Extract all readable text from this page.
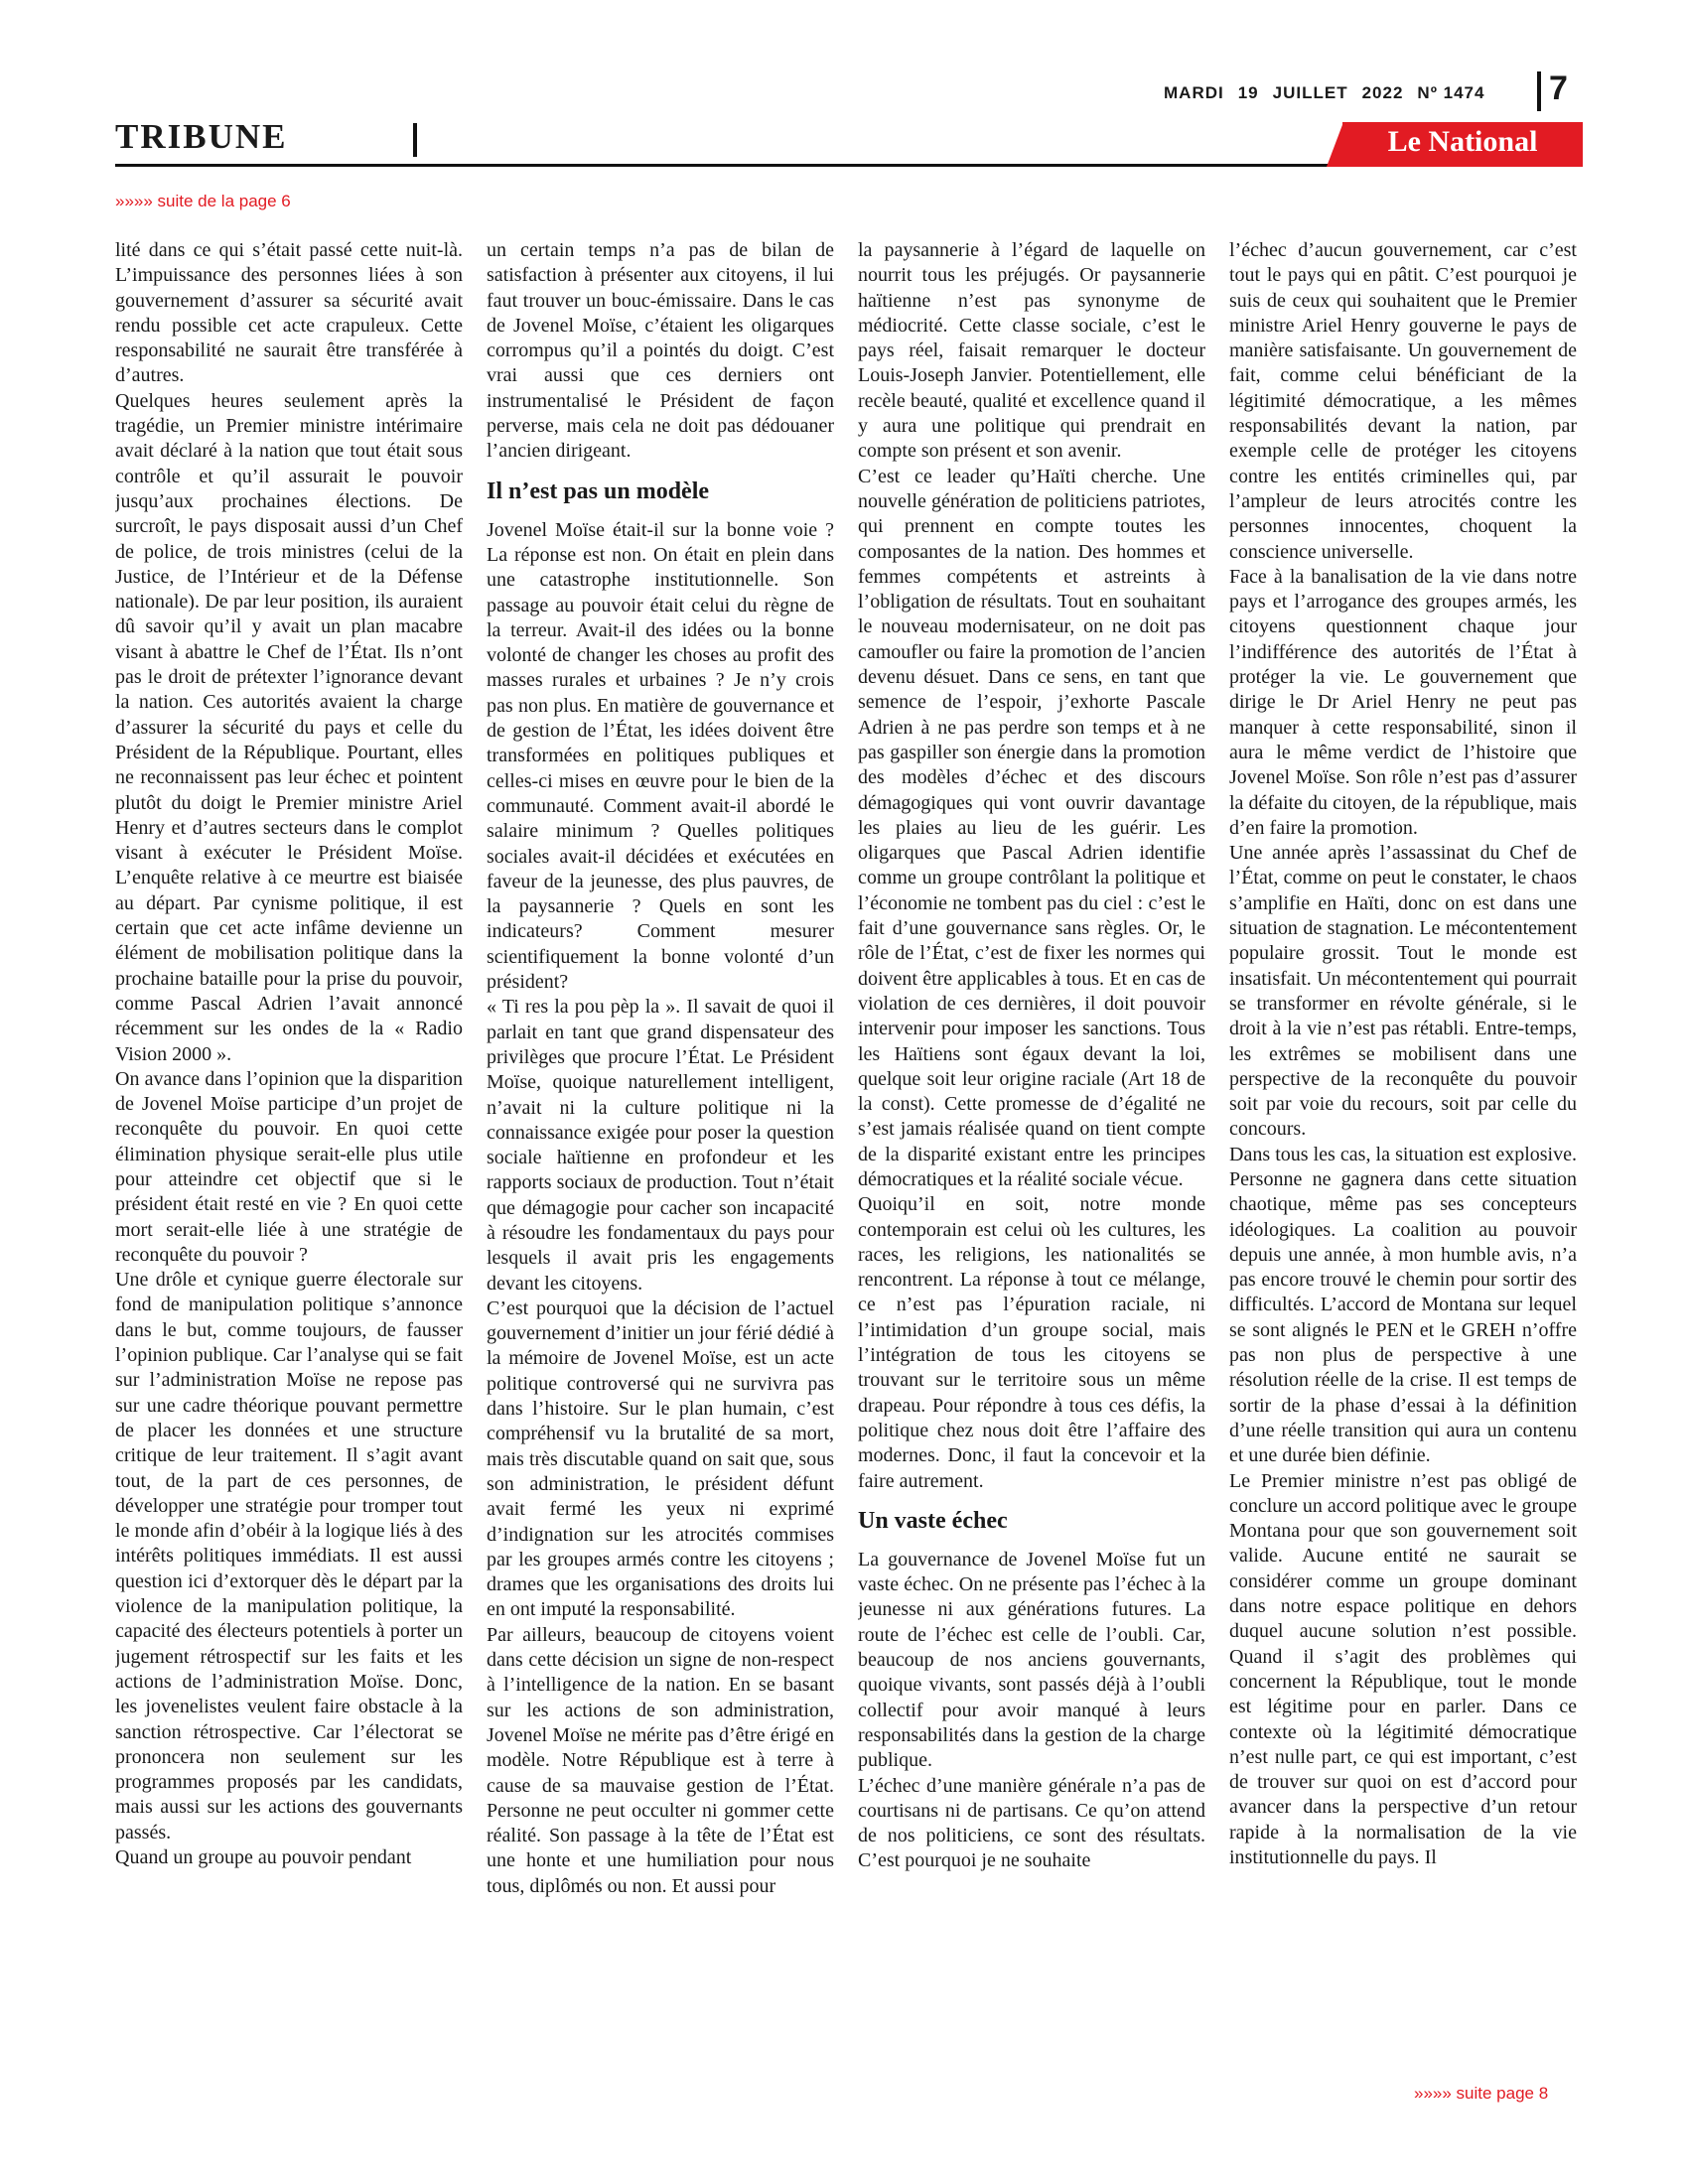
MARDI 19 JUILLET 2022 Nº 1474	7
TRIBUNE	Le National
»»»» suite de la page 6

lité dans ce qui s’était passé cette nuit-là. L’impuissance des personnes liées à son gouvernement d’assurer sa sécurité avait rendu possible cet acte crapuleux. Cette responsabilité ne saurait être transférée à d’autres.

Quelques heures seulement après la tragédie, un Premier ministre intérimaire avait déclaré à la nation que tout était sous contrôle et qu’il assurait le pouvoir jusqu’aux prochaines élections. De surcroît, le pays disposait aussi d’un Chef de police, de trois ministres (celui de la Justice, de l’Intérieur et de la Défense nationale). De par leur position, ils auraient dû savoir qu’il y avait un plan macabre visant à abattre le Chef de l’État. Ils n’ont pas le droit de prétexter l’ignorance devant la nation. Ces autorités avaient la charge d’assurer la sécurité du pays et celle du Président de la République. Pourtant, elles ne reconnaissent pas leur échec et pointent plutôt du doigt le Premier ministre Ariel Henry et d’autres secteurs dans le complot visant à exécuter le Président Moïse. L’enquête relative à ce meurtre est biaisée au départ. Par cynisme politique, il est certain que cet acte infâme devienne un élément de mobilisation politique dans la prochaine bataille pour la prise du pouvoir, comme Pascal Adrien l’avait annoncé récemment sur les ondes de la « Radio Vision 2000 ».

On avance dans l’opinion que la disparition de Jovenel Moïse participe d’un projet de reconquête du pouvoir. En quoi cette élimination physique serait-elle plus utile pour atteindre cet objectif que si le président était resté en vie ? En quoi cette mort serait-elle liée à une stratégie de reconquête du pouvoir ?

Une drôle et cynique guerre électorale sur fond de manipulation politique s’annonce dans le but, comme toujours, de fausser l’opinion publique. Car l’analyse qui se fait sur l’administration Moïse ne repose pas sur une cadre théorique pouvant permettre de placer les données et une structure critique de leur traitement. Il s’agit avant tout, de la part de ces personnes, de développer une stratégie pour tromper tout le monde afin d’obéir à la logique liés à des intérêts politiques immédiats. Il est aussi question ici d’extorquer dès le départ par la violence de la manipulation politique, la capacité des électeurs potentiels à porter un jugement rétrospectif sur les faits et les actions de l’administration Moïse. Donc, les jovenelistes veulent faire obstacle à la sanction rétrospective. Car l’électorat se prononcera non seulement sur les programmes proposés par les candidats, mais aussi sur les actions des gouvernants passés.

Quand un groupe au pouvoir pendant

un certain temps n’a pas de bilan de satisfaction à présenter aux citoyens, il lui faut trouver un bouc-émissaire. Dans le cas de Jovenel Moïse, c’étaient les oligarques corrompus qu’il a pointés du doigt. C’est vrai aussi que ces derniers ont instrumentalisé le Président de façon perverse, mais cela ne doit pas dédouaner l’ancien dirigeant.

Il n’est pas un modèle

Jovenel Moïse était-il sur la bonne voie ? La réponse est non. On était en plein dans une catastrophe institutionnelle. Son passage au pouvoir était celui du règne de la terreur. Avait-il des idées ou la bonne volonté de changer les choses au profit des masses rurales et urbaines ? Je n’y crois pas non plus. En matière de gouvernance et de gestion de l’État, les idées doivent être transformées en politiques publiques et celles-ci mises en œuvre pour le bien de la communauté. Comment avait-il abordé le salaire minimum ? Quelles politiques sociales avait-il décidées et exécutées en faveur de la jeunesse, des plus pauvres, de la paysannerie ? Quels en sont les indicateurs? Comment mesurer scientifiquement la bonne volonté d’un président?

« Ti res la pou pèp la ». Il savait de quoi il parlait en tant que grand dispensateur des privilèges que procure l’État. Le Président Moïse, quoique naturellement intelligent, n’avait ni la culture politique ni la connaissance exigée pour poser la question sociale haïtienne en profondeur et les rapports sociaux de production. Tout n’était que démagogie pour cacher son incapacité à résoudre les fondamentaux du pays pour lesquels il avait pris les engagements devant les citoyens.

C’est pourquoi que la décision de l’actuel gouvernement d’initier un jour férié dédié à la mémoire de Jovenel Moïse, est un acte politique controversé qui ne survivra pas dans l’histoire. Sur le plan humain, c’est compréhensif vu la brutalité de sa mort, mais très discutable quand on sait que, sous son administration, le président défunt avait fermé les yeux ni exprimé d’indignation sur les atrocités commises par les groupes armés contre les citoyens ; drames que les organisations des droits lui en ont imputé la responsabilité.

Par ailleurs, beaucoup de citoyens voient dans cette décision un signe de non-respect à l’intelligence de la nation. En se basant sur les actions de son administration, Jovenel Moïse ne mérite pas d’être érigé en modèle. Notre République est à terre à cause de sa mauvaise gestion de l’État. Personne ne peut occulter ni gommer cette réalité. Son passage à la tête de l’État est une honte et une humiliation pour nous tous, diplômés ou non. Et aussi pour

la paysannerie à l’égard de laquelle on nourrit tous les préjugés. Or paysannerie haïtienne n’est pas synonyme de médiocrité. Cette classe sociale, c’est le pays réel, faisait remarquer le docteur Louis-Joseph Janvier. Potentiellement, elle recèle beauté, qualité et excellence quand il y aura une politique qui prendrait en compte son présent et son avenir.

C’est ce leader qu’Haïti cherche. Une nouvelle génération de politiciens patriotes, qui prennent en compte toutes les composantes de la nation. Des hommes et femmes compétents et astreints à l’obligation de résultats. Tout en souhaitant le nouveau modernisateur, on ne doit pas camoufler ou faire la promotion de l’ancien devenu désuet. Dans ce sens, en tant que semence de l’espoir, j’exhorte Pascale Adrien à ne pas perdre son temps et à ne pas gaspiller son énergie dans la promotion des modèles d’échec et des discours démagogiques qui vont ouvrir davantage les plaies au lieu de les guérir. Les oligarques que Pascal Adrien identifie comme un groupe contrôlant la politique et l’économie ne tombent pas du ciel : c’est le fait d’une gouvernance sans règles. Or, le rôle de l’État, c’est de fixer les normes qui doivent être applicables à tous. Et en cas de violation de ces dernières, il doit pouvoir intervenir pour imposer les sanctions. Tous les Haïtiens sont égaux devant la loi, quelque soit leur origine raciale (Art 18 de la const). Cette promesse de d’égalité ne s’est jamais réalisée quand on tient compte de la disparité existant entre les principes démocratiques et la réalité sociale vécue.

Quoiqu’il en soit, notre monde contemporain est celui où les cultures, les races, les religions, les nationalités se rencontrent. La réponse à tout ce mélange, ce n’est pas l’épuration raciale, ni l’intimidation d’un groupe social, mais l’intégration de tous les citoyens se trouvant sur le territoire sous un même drapeau. Pour répondre à tous ces défis, la politique chez nous doit être l’affaire des modernes. Donc, il faut la concevoir et la faire autrement.

Un vaste échec

La gouvernance de Jovenel Moïse fut un vaste échec. On ne présente pas l’échec à la jeunesse ni aux générations futures. La route de l’échec est celle de l’oubli. Car, beaucoup de nos anciens gouvernants, quoique vivants, sont passés déjà à l’oubli collectif pour avoir manqué à leurs responsabilités dans la gestion de la charge publique.

L’échec d’une manière générale n’a pas de courtisans ni de partisans. Ce qu’on attend de nos politiciens, ce sont des résultats. C’est pourquoi je ne souhaite

l’échec d’aucun gouvernement, car c’est tout le pays qui en pâtit. C’est pourquoi je suis de ceux qui souhaitent que le Premier ministre Ariel Henry gouverne le pays de manière satisfaisante. Un gouvernement de fait, comme celui bénéficiant de la légitimité démocratique, a les mêmes responsabilités devant la nation, par exemple celle de protéger les citoyens contre les entités criminelles qui, par l’ampleur de leurs atrocités contre les personnes innocentes, choquent la conscience universelle.

Face à la banalisation de la vie dans notre pays et l’arrogance des groupes armés, les citoyens questionnent chaque jour l’indifférence des autorités de l’État à protéger la vie. Le gouvernement que dirige le Dr Ariel Henry ne peut pas manquer à cette responsabilité, sinon il aura le même verdict de l’histoire que Jovenel Moïse. Son rôle n’est pas d’assurer la défaite du citoyen, de la république, mais d’en faire la promotion.

Une année après l’assassinat du Chef de l’État, comme on peut le constater, le chaos s’amplifie en Haïti, donc on est dans une situation de stagnation. Le mécontentement populaire grossit. Tout le monde est insatisfait. Un mécontentement qui pourrait se transformer en révolte générale, si le droit à la vie n’est pas rétabli. Entre-temps, les extrêmes se mobilisent dans une perspective de la reconquête du pouvoir soit par voie du recours, soit par celle du concours.

Dans tous les cas, la situation est explosive. Personne ne gagnera dans cette situation chaotique, même pas ses concepteurs idéologiques. La coalition au pouvoir depuis une année, à mon humble avis, n’a pas encore trouvé le chemin pour sortir des difficultés. L’accord de Montana sur lequel se sont alignés le PEN et le GREH n’offre pas non plus de perspective à une résolution réelle de la crise. Il est temps de sortir de la phase d’essai à la définition d’une réelle transition qui aura un contenu et une durée bien définie.

Le Premier ministre n’est pas obligé de conclure un accord politique avec le groupe Montana pour que son gouvernement soit valide. Aucune entité ne saurait se considérer comme un groupe dominant dans notre espace politique en dehors duquel aucune solution n’est possible. Quand il s’agit des problèmes qui concernent la République, tout le monde est légitime pour en parler. Dans ce contexte où la légitimité démocratique n’est nulle part, ce qui est important, c’est de trouver sur quoi on est d’accord pour avancer dans la perspective d’un retour rapide à la normalisation de la vie institutionnelle du pays. Il

»»»» suite page 8
